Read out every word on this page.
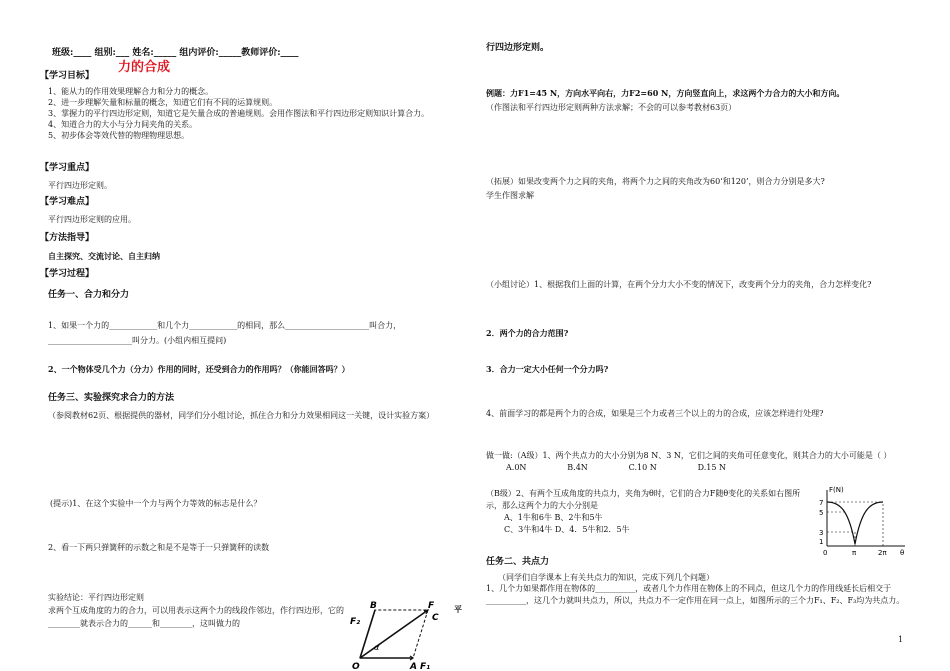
班级:____ 组别:___ 姓名:_____ 组内评价:_____教师评价:____
力的合成
【学习目标】
1、能从力的作用效果理解合力和分力的概念。
2、进一步理解矢量和标量的概念，知道它们有不同的运算规则。
3、掌握力的平行四边形定则，知道它是矢量合成的普遍规则。会用作图法和平行四边形定则知识计算合力。
4、知道合力的大小与分力间夹角的关系。
5、初步体会等效代替的物理物理思想。
【学习重点】
平行四边形定则。
【学习难点】
平行四边形定则的应用。
【方法指导】
自主探究、交流讨论、自主归纳
【学习过程】
任务一、合力和分力
1、如果一个力的____________和几个力____________的相同，那么_____________________叫合力，_____________________叫分力。(小组内相互提问)
2、一个物体受几个力（分力）作用的同时，还受到合力的作用吗？（你能回答吗？）
任务三、实验探究求合力的方法
（参阅教材62页、根据提供的器材，同学们分小组讨论，抓住合力和分力效果相同这一关键，设计实验方案）
(提示)1、在这个实验中一个力与两个力等效的标志是什么？
2、看一下两只弹簧秤的示数之和是不是等于一只弹簧秤的读数
实验结论：平行四边形定则
求两个互成角度的力的合力，可以用表示这两个力的线段作邻边，作行四边形，它的________就表示合力的______和________，这叫做力的
平
B	F
F₂	C
α
O	A F₁
行四边形定则。
例题：力F1=45 N，方向水平向右，力F2=60 N，方向竖直向上，求这两个力合力的大小和方向。
（作图法和平行四边形定则两种方法求解；不会的可以参考教材63页）
（拓展）如果改变两个力之间的夹角，将两个力之间的夹角改为60‘和120’，则合力分别是多大?
学生作图求解
（小组讨论）1、根据我们上面的计算，在两个分力大小不变的情况下，改变两个分力的夹角，合力怎样变化?
2．两个力的合力范围?
3．合力一定大小任何一个分力吗?
4、前面学习的都是两个力的合成，如果是三个力或者三个以上的力的合成，应该怎样进行处理?
做一做:（A级）1、两个共点力的大小分别为8 N、3 N，它们之间的夹角可任意变化，则其合力的大小可能是（ ）
A.0N	B.4N	C.10 N	D.15 N
（B级）2、有两个互成角度的共点力，夹角为θ时，它们的合力F随θ变化的关系如右图所示，那么这两个力的大小分别是
A、1牛和6牛 B、2牛和5牛
C、3牛和4牛 D、4．5牛和2．5牛
F(N)
7
5
3
1
0	π	2π θ
任务二、共点力
（同学们自学课本上有关共点力的知识，完成下列几个问题）
1、几个力如果都作用在物体的__________，或者几个力作用在物体上的不同点，但这几个力的作用线延长后相交于__________，这几个力就叫共点力，所以，共点力不一定作用在同一点上，如图所示的三个力F₁、F₂、F₃均为共点力。
1
